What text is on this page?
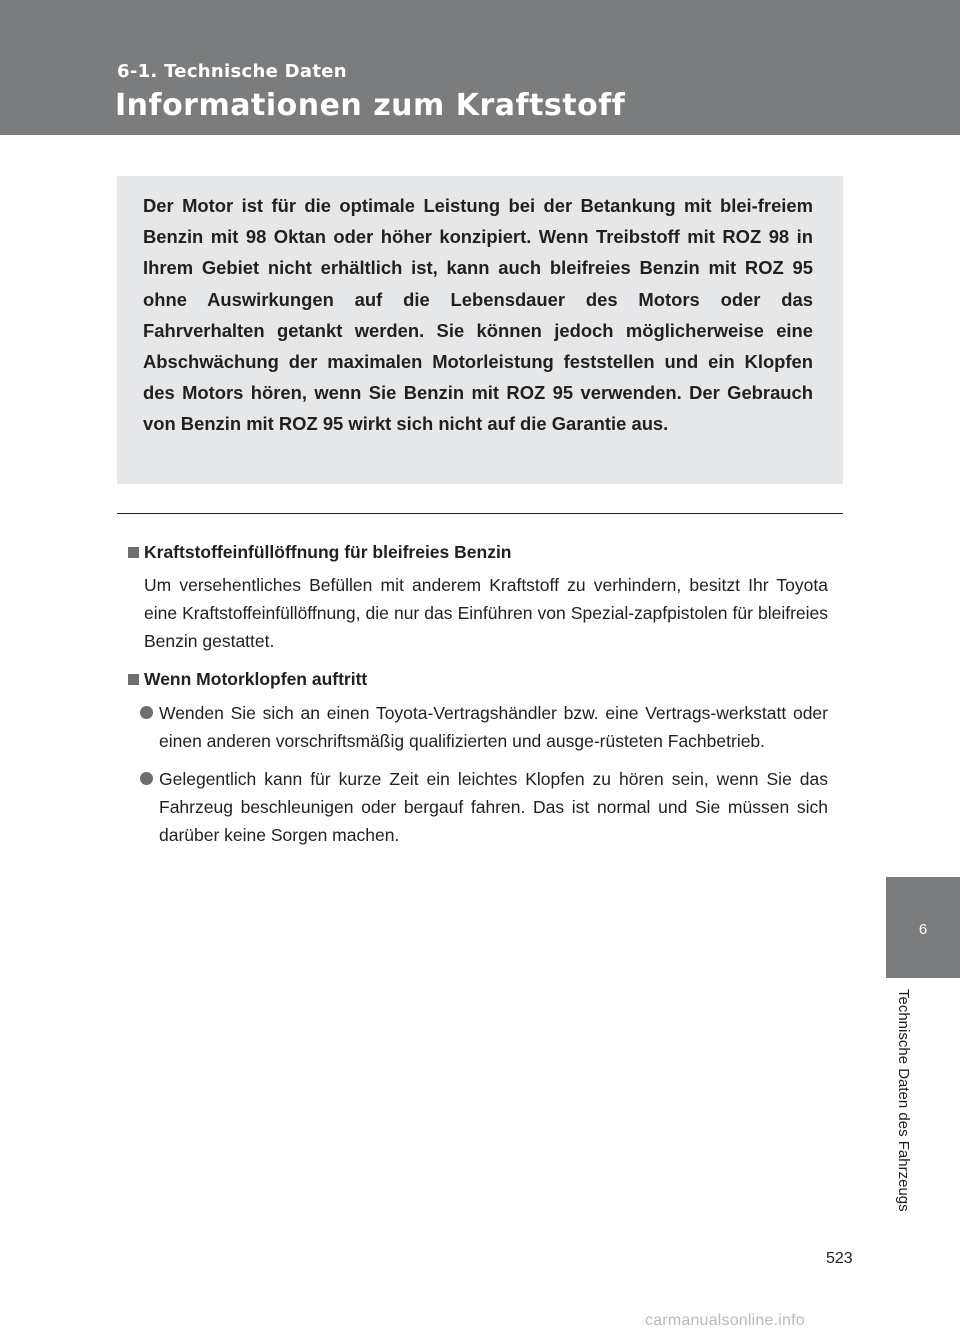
6-1. Technische Daten
Informationen zum Kraftstoff

Der Motor ist für die optimale Leistung bei der Betankung mit blei-freiem Benzin mit 98 Oktan oder höher konzipiert. Wenn Treibstoff mit ROZ 98 in Ihrem Gebiet nicht erhältlich ist, kann auch bleifreies Benzin mit ROZ 95 ohne Auswirkungen auf die Lebensdauer des Motors oder das Fahrverhalten getankt werden. Sie können jedoch möglicherweise eine Abschwächung der maximalen Motorleistung feststellen und ein Klopfen des Motors hören, wenn Sie Benzin mit ROZ 95 verwenden. Der Gebrauch von Benzin mit ROZ 95 wirkt sich nicht auf die Garantie aus.

Kraftstoffeinfüllöffnung für bleifreies Benzin

Um versehentliches Befüllen mit anderem Kraftstoff zu verhindern, besitzt Ihr Toyota eine Kraftstoffeinfüllöffnung, die nur das Einführen von Spezial-zapfpistolen für bleifreies Benzin gestattet.

Wenn Motorklopfen auftritt

Wenden Sie sich an einen Toyota-Vertragshändler bzw. eine Vertrags-werkstatt oder einen anderen vorschriftsmäßig qualifizierten und ausge-rüsteten Fachbetrieb.
Gelegentlich kann für kurze Zeit ein leichtes Klopfen zu hören sein, wenn Sie das Fahrzeug beschleunigen oder bergauf fahren. Das ist normal und Sie müssen sich darüber keine Sorgen machen.
6
Technische Daten des Fahrzeugs
523
carmanualsonline.info
